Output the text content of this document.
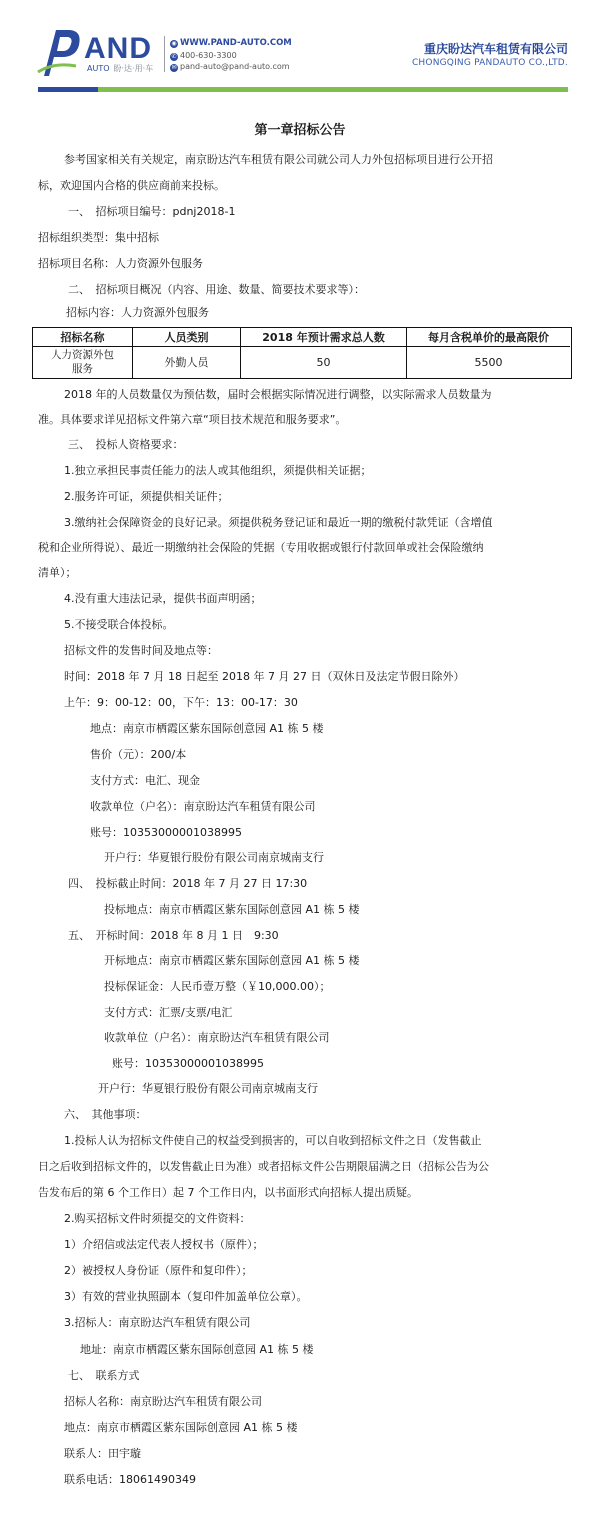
AND
AUTO 盼·达·用·车
◉ WWW.PAND-AUTO.COM
✆ 400-630-3300
✉ pand-auto@pand-auto.com
重庆盼达汽车租赁有限公司
CHONGQING PANDAUTO CO.,LTD.
第一章招标公告
参考国家相关有关规定，南京盼达汽车租赁有限公司就公司人力外包招标项目进行公开招
标，欢迎国内合格的供应商前来投标。
一、　招标项目编号：pdnj2018-1
招标组织类型：集中招标
招标项目名称：人力资源外包服务
二、　招标项目概况（内容、用途、数量、简要技术要求等）：
招标内容：人力资源外包服务
招标名称	人员类别	2018 年预计需求总人数	每月含税单价的最高限价
人力资源外包
服务	外勤人员	50	5500
2018 年的人员数量仅为预估数，届时会根据实际情况进行调整，以实际需求人员数量为
准。具体要求详见招标文件第六章“项目技术规范和服务要求”。
三、　投标人资格要求：
1.独立承担民事责任能力的法人或其他组织，须提供相关证据；
2.服务许可证，须提供相关证件；
3.缴纳社会保障资金的良好记录。须提供税务登记证和最近一期的缴税付款凭证（含增值
税和企业所得说）、最近一期缴纳社会保险的凭据（专用收据或银行付款回单或社会保险缴纳
清单）；
4.没有重大违法记录，提供书面声明函；
5.不接受联合体投标。
招标文件的发售时间及地点等：
时间：2018 年 7 月 18 日起至 2018 年 7 月 27 日（双休日及法定节假日除外）
上午：9：00-12：00，下午：13：00-17：30
地点：南京市栖霞区紫东国际创意园 A1 栋 5 楼
售价（元）：200/本
支付方式：电汇、现金
收款单位（户名）：南京盼达汽车租赁有限公司
账号：10353000001038995
开户行：华夏银行股份有限公司南京城南支行
四、　投标截止时间：2018 年 7 月 27 日 17:30
投标地点：南京市栖霞区紫东国际创意园 A1 栋 5 楼
五、　开标时间：2018 年 8 月 1 日　9:30
开标地点：南京市栖霞区紫东国际创意园 A1 栋 5 楼
投标保证金：人民币壹万整（￥10,000.00）；
支付方式：汇票/支票/电汇
收款单位（户名）：南京盼达汽车租赁有限公司
账号：10353000001038995
开户行：华夏银行股份有限公司南京城南支行
六、　其他事项：
1.投标人认为招标文件使自己的权益受到损害的，可以自收到招标文件之日（发售截止
日之后收到招标文件的，以发售截止日为准）或者招标文件公告期限届满之日（招标公告为公
告发布后的第 6 个工作日）起 7 个工作日内，以书面形式向招标人提出质疑。
2.购买招标文件时须提交的文件资料：
1）介绍信或法定代表人授权书（原件）；
2）被授权人身份证（原件和复印件）；
3）有效的营业执照副本（复印件加盖单位公章）。
3.招标人：南京盼达汽车租赁有限公司
地址：南京市栖霞区紫东国际创意园 A1 栋 5 楼
七、　联系方式
招标人名称：南京盼达汽车租赁有限公司
地点：南京市栖霞区紫东国际创意园 A1 栋 5 楼
联系人：田宇璇
联系电话：18061490349
